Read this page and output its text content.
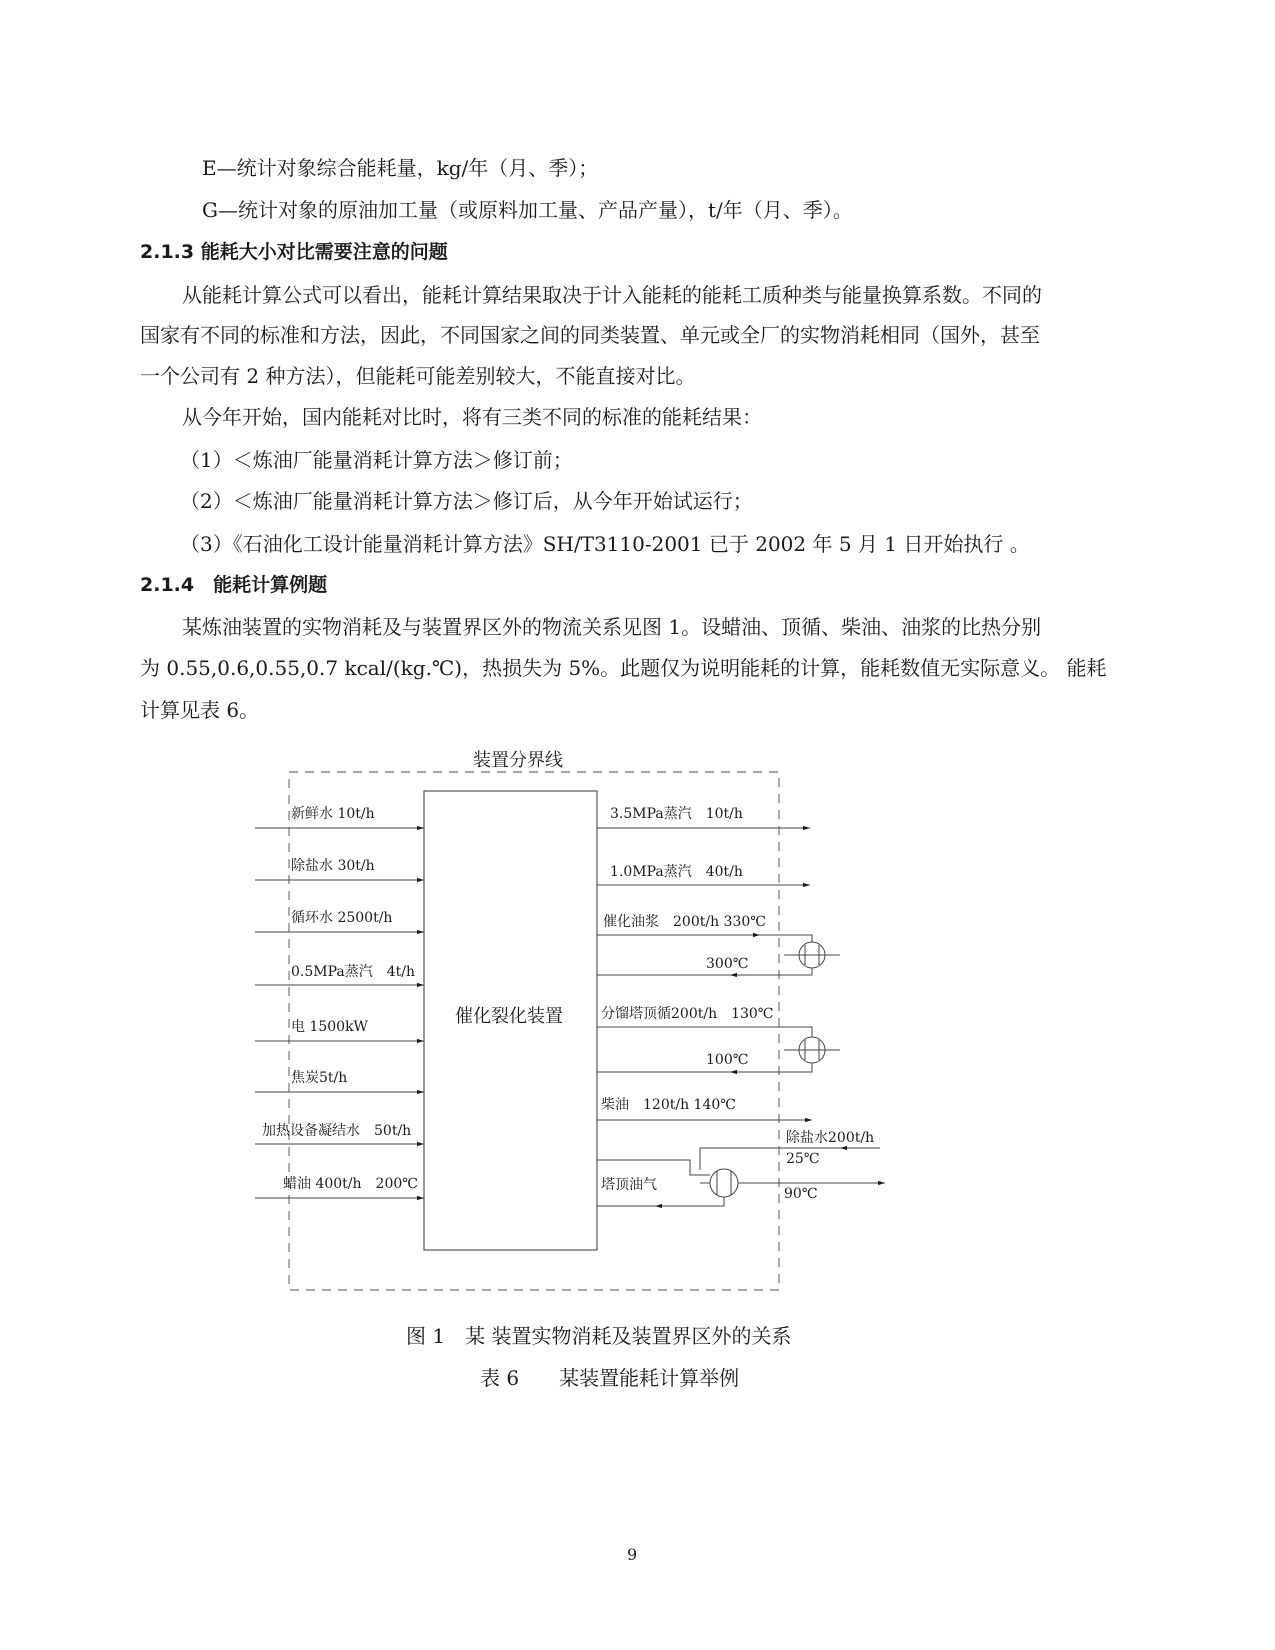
E—统计对象综合能耗量，kg/年（月、季）；
G—统计对象的原油加工量（或原料加工量、产品产量），t/年（月、季）。
2.1.3 能耗大小对比需要注意的问题
从能耗计算公式可以看出，能耗计算结果取决于计入能耗的能耗工质种类与能量换算系数。不同的
国家有不同的标准和方法，因此，不同国家之间的同类装置、单元或全厂的实物消耗相同（国外，甚至
一个公司有 2 种方法），但能耗可能差别较大，不能直接对比。
从今年开始，国内能耗对比时，将有三类不同的标准的能耗结果：
（1）＜炼油厂能量消耗计算方法＞修订前；
（2）＜炼油厂能量消耗计算方法＞修订后，从今年开始试运行；
（3）《石油化工设计能量消耗计算方法》SH/T3110-2001 已于 2002 年 5 月 1 日开始执行 。
2.1.4　能耗计算例题
某炼油装置的实物消耗及与装置界区外的物流关系见图 1。设蜡油、顶循、柴油、油浆的比热分别
为 0.55,0.6,0.55,0.7 kcal/(kg.℃)，热损失为 5%。此题仅为说明能耗的计算，能耗数值无实际意义。 能耗
计算见表 6。
装置分界线
催化裂化装置
新鲜水 10t/h
除盐水 30t/h
循环水 2500t/h
0.5MPa蒸汽　4t/h
电 1500kW
焦炭5t/h
加热设备凝结水　50t/h
蜡油 400t/h　200℃
3.5MPa蒸汽　10t/h
1.0MPa蒸汽　40t/h
催化油浆　200t/h 330℃
300℃
分馏塔顶循200t/h　130℃
100℃
柴油　120t/h 140℃
除盐水200t/h
25℃
90℃
塔顶油气
图 1　某 装置实物消耗及装置界区外的关系
表 6　　某装置能耗计算举例
9
